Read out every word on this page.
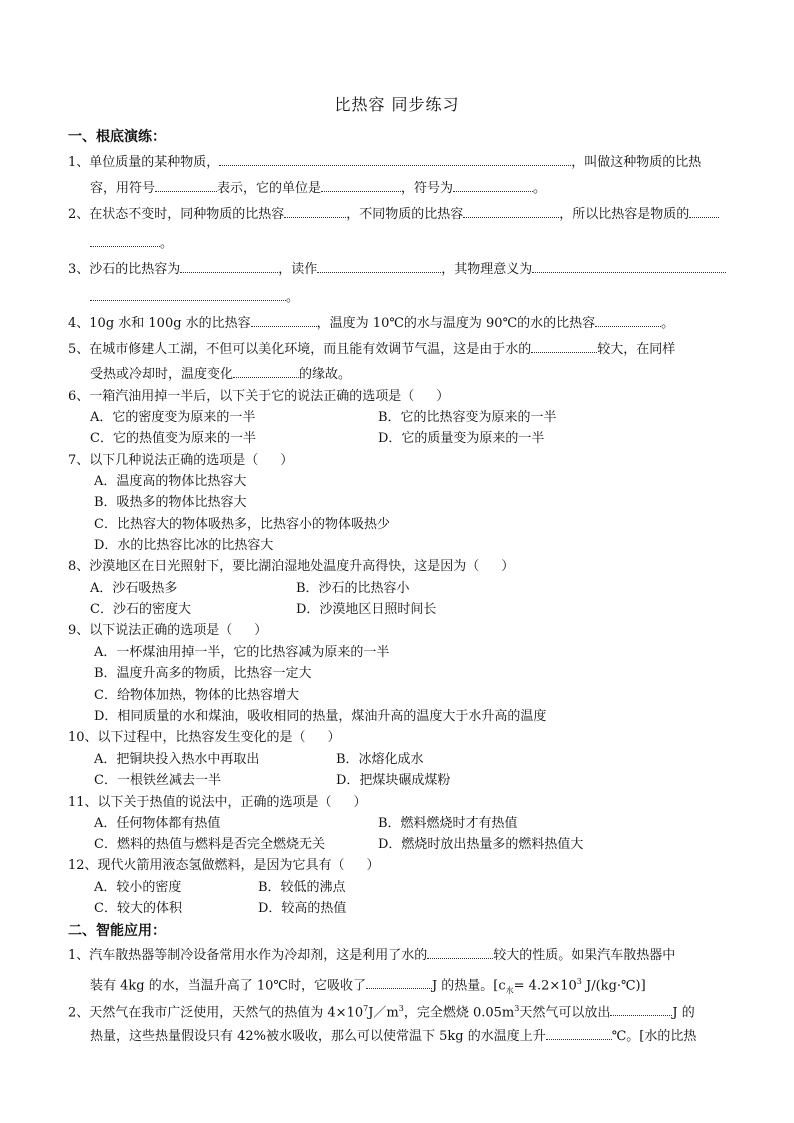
比热容 同步练习
一、根底演练：
1、单位质量的某种物质，	，叫做这种物质的比热
容，用符号	表示，它的单位是	，符号为	。
2、在状态不变时，同种物质的比热容	，不同物质的比热容	，所以比热容是物质的
。
3、沙石的比热容为	，读作	，其物理意义为
。
4、10g 水和 100g 水的比热容	，温度为 10℃的水与温度为 90℃的水的比热容	。
5、在城市修建人工湖，不但可以美化环境，而且能有效调节气温，这是由于水的	较大，在同样
受热或冷却时，温度变化	的缘故。
6、一箱汽油用掉一半后，以下关于它的说法正确的选项是（ ）
A．它的密度变为原来的一半	B．它的比热容变为原来的一半
C．它的热值变为原来的一半	D．它的质量变为原来的一半
7、以下几种说法正确的选项是（ ）
A．温度高的物体比热容大
B．吸热多的物体比热容大
C．比热容大的物体吸热多，比热容小的物体吸热少
D．水的比热容比冰的比热容大
8、沙漠地区在日光照射下，要比湖泊湿地处温度升高得快，这是因为（ ）
A．沙石吸热多	B．沙石的比热容小
C．沙石的密度大	D．沙漠地区日照时间长
9、以下说法正确的选项是（ ）
A．一杯煤油用掉一半，它的比热容减为原来的一半
B．温度升高多的物质，比热容一定大
C．给物体加热，物体的比热容增大
D．相同质量的水和煤油，吸收相同的热量，煤油升高的温度大于水升高的温度
10、以下过程中，比热容发生变化的是（ ）
A．把铜块投入热水中再取出	B．冰熔化成水
C．一根铁丝减去一半	D．把煤块碾成煤粉
11、以下关于热值的说法中，正确的选项是（ ）
A．任何物体都有热值	B．燃料燃烧时才有热值
C．燃料的热值与燃料是否完全燃烧无关	D．燃烧时放出热量多的燃料热值大
12、现代火箭用液态氢做燃料，是因为它具有（ ）
A．较小的密度	B．较低的沸点
C．较大的体积	D．较高的热值
二、智能应用：
1、汽车散热器等制冷设备常用水作为冷却剂，这是利用了水的	较大的性质。如果汽车散热器中
装有 4kg 的水，当温升高了 10℃时，它吸收了	J 的热量。[$c_水= 4.2\times 10^3$ J/(kg·℃)]
2、天然气在我市广泛使用，天然气的热值为 $4\times 10^7J/m^3$，完全燃烧 $0.05m^3$天然气可以放出	J 的
热量，这些热量假设只有 42%被水吸收，那么可以使常温下 5kg 的水温度上升	℃。[水的比热
